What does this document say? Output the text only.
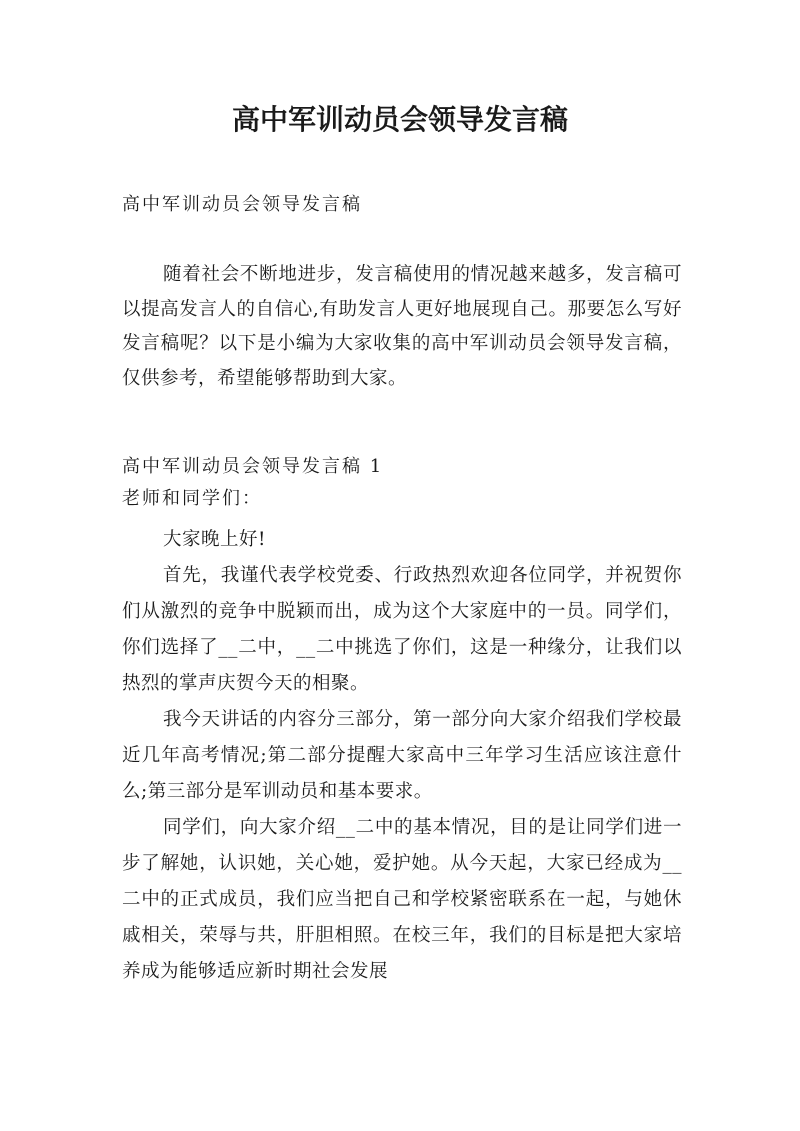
高中军训动员会领导发言稿
高中军训动员会领导发言稿
随着社会不断地进步，发言稿使用的情况越来越多，发言稿可以提高发言人的自信心,有助发言人更好地展现自己。那要怎么写好发言稿呢？以下是小编为大家收集的高中军训动员会领导发言稿，仅供参考，希望能够帮助到大家。
高中军训动员会领导发言稿 1
老师和同学们：

大家晚上好!

首先，我谨代表学校党委、行政热烈欢迎各位同学，并祝贺你们从激烈的竞争中脱颖而出，成为这个大家庭中的一员。同学们，你们选择了__二中，__二中挑选了你们，这是一种缘分，让我们以热烈的掌声庆贺今天的相聚。

我今天讲话的内容分三部分，第一部分向大家介绍我们学校最近几年高考情况;第二部分提醒大家高中三年学习生活应该注意什么;第三部分是军训动员和基本要求。

同学们，向大家介绍__二中的基本情况，目的是让同学们进一步了解她，认识她，关心她，爱护她。从今天起，大家已经成为__二中的正式成员，我们应当把自己和学校紧密联系在一起，与她休戚相关，荣辱与共，肝胆相照。在校三年，我们的目标是把大家培养成为能够适应新时期社会发展
